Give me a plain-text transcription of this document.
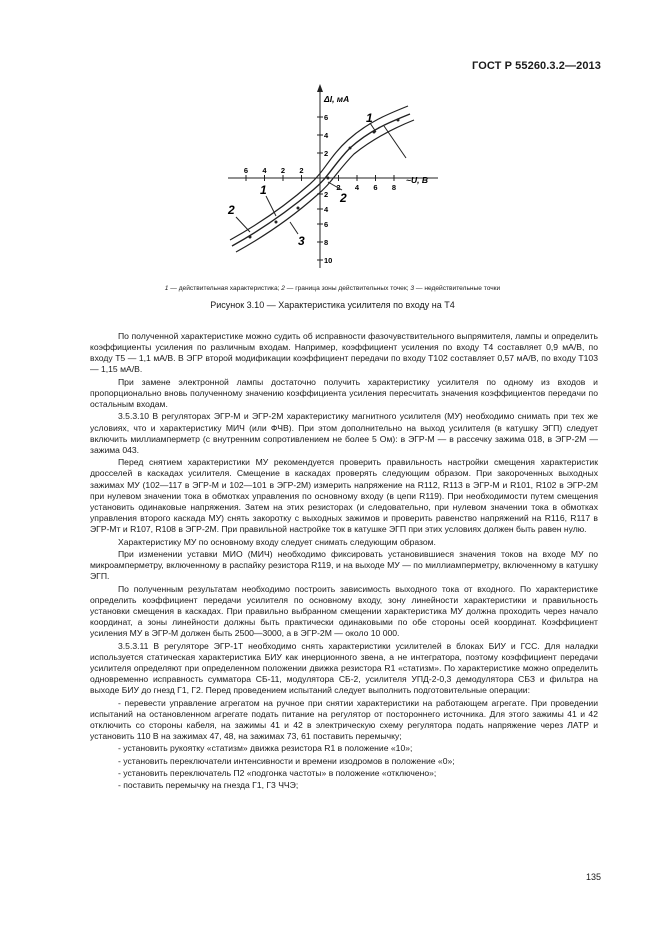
ГОСТ Р 55260.3.2—2013
6 4 2 2
2 4 6 8
~U, В
6
4
2
2
4
6
8
10
ΔI, мА
2
1
3
2
1
1 — действительная характеристика; 2 — граница зоны действительных точек; 3 — недействительные точки
Рисунок 3.10 — Характеристика усилителя по входу на Т4

По полученной характеристике можно судить об исправности фазочувствительного выпрямителя, лампы и определить коэффициенты усиления по различным входам. Например, коэффициент усиления по входу Т4 составляет 0,9 мА/В, по входу Т5 — 1,1 мА/В. В ЭГР второй модификации коэффициент передачи по входу Т102 составляет 0,57 мА/В, по входу Т103 — 1,15 мА/В.

При замене электронной лампы достаточно получить характеристику усилителя по одному из входов и пропорционально вновь полученному значению коэффициента усиления пересчитать значения коэффициентов передачи по остальным входам.

3.5.3.10 В регуляторах ЭГР-М и ЭГР-2М характеристику магнитного усилителя (МУ) необходимо снимать при тех же условиях, что и характеристику МИЧ (или ФЧВ). При этом дополнительно на выход усилителя (в катушку ЭГП) следует включить миллиамперметр (с внутренним сопротивлением не более 5 Ом): в ЭГР-М — в рассечку зажима 018, в ЭГР-2М — зажима 043.

Перед снятием характеристики МУ рекомендуется проверить правильность настройки смещения характеристик дросселей в каскадах усилителя. Смещение в каскадах проверять следующим образом. При закороченных выходных зажимах МУ (102—117 в ЭГР-М и 102—101 в ЭГР-2М) измерить напряжение на R112, R113 в ЭГР-М и R101, R102 в ЭГР-2М при нулевом значении тока в обмотках управления по основному входу (в цепи R119). При необходимости путем смещения установить одинаковые напряжения. Затем на этих резисторах (и следовательно, при нулевом значении тока в обмотках управления второго каскада МУ) снять закоротку с выходных зажимов и проверить равенство напряжений на R116, R117 в ЭГР-Мт и R107, R108 в ЭГР-2М. При правильной настройке ток в катушке ЭГП при этих условиях должен быть равен нулю.

Характеристику МУ по основному входу следует снимать следующим образом.

При изменении уставки МИО (МИЧ) необходимо фиксировать установившиеся значения токов на входе МУ по микроамперметру, включенному в распайку резистора R119, и на выходе МУ — по миллиамперметру, включенному в катушку ЭГП.

По полученным результатам необходимо построить зависимость выходного тока от входного. По характеристике определить коэффициент передачи усилителя по основному входу, зону линейности характеристики и правильность установки смещения в каскадах. При правильно выбранном смещении характеристика МУ должна проходить через начало координат, а зоны линейности должны быть практически одинаковыми по обе стороны осей координат. Коэффициент усиления МУ в ЭГР-М должен быть 2500—3000, а в ЭГР-2М — около 10 000.

3.5.3.11 В регуляторе ЭГР-1Т необходимо снять характеристики усилителей в блоках БИУ и ГСС. Для наладки используется статическая характеристика БИУ как инерционного звена, а не интегратора, поэтому коэффициент передачи усилителя определяют при определенном положении движка резистора R1 «статизм». По характеристике можно определить одновременно исправность сумматора СБ-11, модулятора СБ-2, усилителя УПД-2-0,3 демодулятора СБЗ и фильтра на выходе БИУ до гнезд Г1, Г2. Перед проведением испытаний следует выполнить подготовительные операции:

- перевести управление агрегатом на ручное при снятии характеристики на работающем агрегате. При проведении испытаний на остановленном агрегате подать питание на регулятор от постороннего источника. Для этого зажимы 41 и 42 отключить со стороны кабеля, на зажимы 41 и 42 в электрическую схему регулятора подать напряжение через ЛАТР и установить 110 В на зажимах 47, 48, на зажимах 73, 61 поставить перемычку;

- установить рукоятку «статизм» движка резистора R1 в положение «10»;

- установить переключатели интенсивности и времени изодромов в положение «0»;

- установить переключатель П2 «подгонка частоты» в положение «отключено»;

- поставить перемычку на гнезда Г1, Г3 ЧЧЭ;

135
